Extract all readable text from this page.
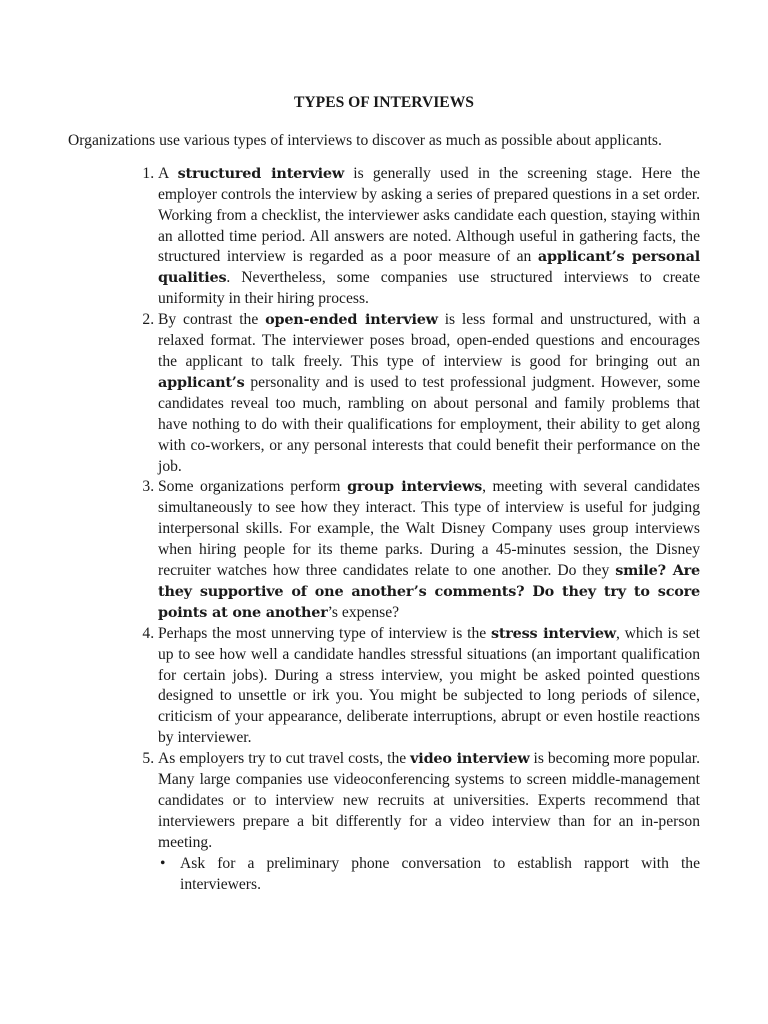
TYPES OF INTERVIEWS
Organizations use various types of interviews to discover as much as possible about applicants.
1. A structured interview is generally used in the screening stage. Here the employer controls the interview by asking a series of prepared questions in a set order. Working from a checklist, the interviewer asks candidate each question, staying within an allotted time period. All answers are noted. Although useful in gathering facts, the structured interview is regarded as a poor measure of an applicant’s personal qualities. Nevertheless, some companies use structured interviews to create uniformity in their hiring process.
2. By contrast the open-ended interview is less formal and unstructured, with a relaxed format. The interviewer poses broad, open-ended questions and encourages the applicant to talk freely. This type of interview is good for bringing out an applicant’s personality and is used to test professional judgment. However, some candidates reveal too much, rambling on about personal and family problems that have nothing to do with their qualifications for employment, their ability to get along with co-workers, or any personal interests that could benefit their performance on the job.
3. Some organizations perform group interviews, meeting with several candidates simultaneously to see how they interact. This type of interview is useful for judging interpersonal skills. For example, the Walt Disney Company uses group interviews when hiring people for its theme parks. During a 45-minutes session, the Disney recruiter watches how three candidates relate to one another. Do they smile? Are they supportive of one another’s comments? Do they try to score points at one another’s expense?
4. Perhaps the most unnerving type of interview is the stress interview, which is set up to see how well a candidate handles stressful situations (an important qualification for certain jobs). During a stress interview, you might be asked pointed questions designed to unsettle or irk you. You might be subjected to long periods of silence, criticism of your appearance, deliberate interruptions, abrupt or even hostile reactions by interviewer.
5. As employers try to cut travel costs, the video interview is becoming more popular. Many large companies use videoconferencing systems to screen middle-management candidates or to interview new recruits at universities. Experts recommend that interviewers prepare a bit differently for a video interview than for an in-person meeting.
• Ask for a preliminary phone conversation to establish rapport with the interviewers.
